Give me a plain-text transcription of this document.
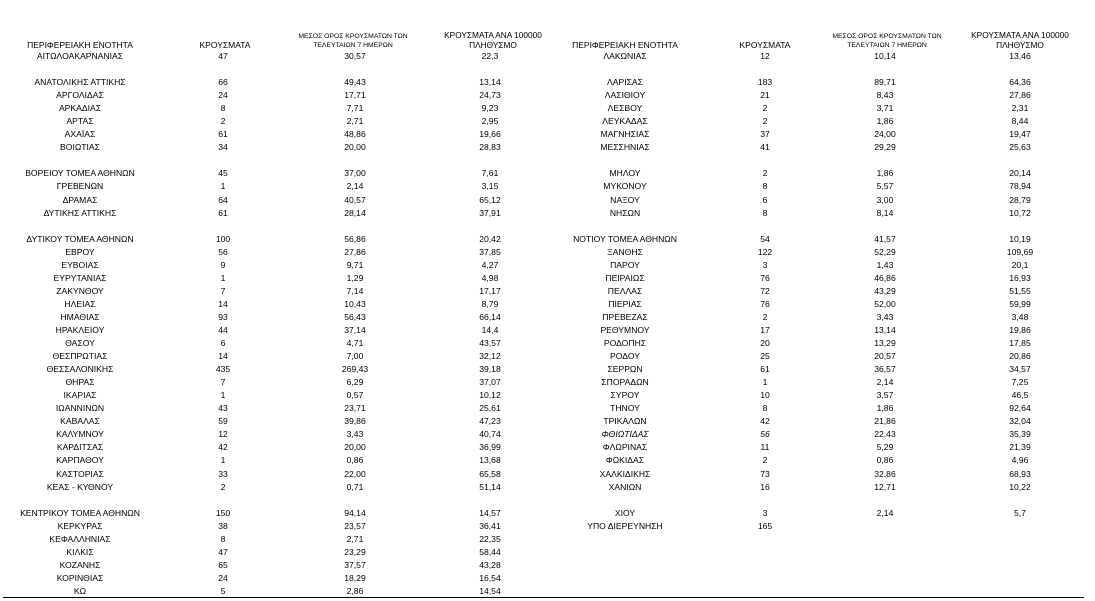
ΠΕΡΙΦΕΡΕΙΑΚΗ ΕΝΟΤΗΤΑ	ΚΡΟΥΣΜΑΤΑ
ΜΕΣΟΣ ΟΡΟΣ ΚΡΟΥΣΜΑΤΩΝ ΤΩΝ
ΤΕΛΕΥΤΑΙΩΝ 7 ΗΜΕΡΩΝ
ΚΡΟΥΣΜΑΤΑ ΑΝΑ 100000
ΠΛΗΘΥΣΜΟ
ΑΙΤΩΛΟΑΚΑΡΝΑΝΙΑΣ	47	30,57	22,3
ΑΝΑΤΟΛΙΚΗΣ ΑΤΤΙΚΗΣ	66	49,43	13,14
ΑΡΓΟΛΙΔΑΣ	24	17,71	24,73
ΑΡΚΑΔΙΑΣ	8	7,71	9,23
ΑΡΤΑΣ	2	2,71	2,95
ΑΧΑΪΑΣ	61	48,86	19,66
ΒΟΙΩΤΙΑΣ	34	20,00	28,83
ΒΟΡΕΙΟΥ ΤΟΜΕΑ ΑΘΗΝΩΝ	45	37,00	7,61
ΓΡΕΒΕΝΩΝ	1	2,14	3,15
ΔΡΑΜΑΣ	64	40,57	65,12
ΔΥΤΙΚΗΣ ΑΤΤΙΚΗΣ	61	28,14	37,91
ΔΥΤΙΚΟΥ ΤΟΜΕΑ ΑΘΗΝΩΝ	100	56,86	20,42
ΕΒΡΟΥ	56	27,86	37,85
ΕΥΒΟΙΑΣ	9	9,71	4,27
ΕΥΡΥΤΑΝΙΑΣ	1	1,29	4,98
ΖΑΚΥΝΘΟΥ	7	7,14	17,17
ΗΛΕΙΑΣ	14	10,43	8,79
ΗΜΑΘΙΑΣ	93	56,43	66,14
ΗΡΑΚΛΕΙΟΥ	44	37,14	14,4
ΘΑΣΟΥ	6	4,71	43,57
ΘΕΣΠΡΩΤΙΑΣ	14	7,00	32,12
ΘΕΣΣΑΛΟΝΙΚΗΣ	435	269,43	39,18
ΘΗΡΑΣ	7	6,29	37,07
ΙΚΑΡΙΑΣ	1	0,57	10,12
ΙΩΑΝΝΙΝΩΝ	43	23,71	25,61
ΚΑΒΑΛΑΣ	59	39,86	47,23
ΚΑΛΥΜΝΟΥ	12	3,43	40,74
ΚΑΡΔΙΤΣΑΣ	42	20,00	36,99
ΚΑΡΠΑΘΟΥ	1	0,86	13,68
ΚΑΣΤΟΡΙΑΣ	33	22,00	65,58
ΚΕΑΣ - ΚΥΘΝΟΥ	2	0,71	51,14
ΚΕΝΤΡΙΚΟΥ ΤΟΜΕΑ ΑΘΗΝΩΝ	150	94,14	14,57
ΚΕΡΚΥΡΑΣ	38	23,57	36,41
ΚΕΦΑΛΛΗΝΙΑΣ	8	2,71	22,35
ΚΙΛΚΙΣ	47	23,29	58,44
ΚΟΖΑΝΗΣ	65	37,57	43,28
ΚΟΡΙΝΘΙΑΣ	24	18,29	16,54
ΚΩ	5	2,86	14,54
ΠΕΡΙΦΕΡΕΙΑΚΗ ΕΝΟΤΗΤΑ	ΚΡΟΥΣΜΑΤΑ
ΜΕΣΟΣ ΟΡΟΣ ΚΡΟΥΣΜΑΤΩΝ ΤΩΝ
ΤΕΛΕΥΤΑΙΩΝ 7 ΗΜΕΡΩΝ
ΚΡΟΥΣΜΑΤΑ ΑΝΑ 100000
ΠΛΗΘΥΣΜΟ
ΛΑΚΩΝΙΑΣ	12	10,14	13,46
ΛΑΡΙΣΑΣ	183	89,71	64,36
ΛΑΣΙΘΙΟΥ	21	8,43	27,86
ΛΕΣΒΟΥ	2	3,71	2,31
ΛΕΥΚΑΔΑΣ	2	1,86	8,44
ΜΑΓΝΗΣΙΑΣ	37	24,00	19,47
ΜΕΣΣΗΝΙΑΣ	41	29,29	25,63
ΜΗΛΟΥ	2	1,86	20,14
ΜΥΚΟΝΟΥ	8	5,57	78,94
ΝΑΞΟΥ	6	3,00	28,79
ΝΗΣΩΝ	8	8,14	10,72
ΝΟΤΙΟΥ ΤΟΜΕΑ ΑΘΗΝΩΝ	54	41,57	10,19
ΞΑΝΘΗΣ	122	52,29	109,69
ΠΑΡΟΥ	3	1,43	20,1
ΠΕΙΡΑΙΩΣ	76	46,86	16,93
ΠΕΛΛΑΣ	72	43,29	51,55
ΠΙΕΡΙΑΣ	76	52,00	59,99
ΠΡΕΒΕΖΑΣ	2	3,43	3,48
ΡΕΘΥΜΝΟΥ	17	13,14	19,86
ΡΟΔΟΠΗΣ	20	13,29	17,85
ΡΟΔΟΥ	25	20,57	20,86
ΣΕΡΡΩΝ	61	36,57	34,57
ΣΠΟΡΑΔΩΝ	1	2,14	7,25
ΣΥΡΟΥ	10	3,57	46,5
ΤΗΝΟΥ	8	1,86	92,64
ΤΡΙΚΑΛΩΝ	42	21,86	32,04
ΦΘΙΩΤΙΔΑΣ	56	22,43	35,39
ΦΛΩΡΙΝΑΣ	11	5,29	21,39
ΦΩΚΙΔΑΣ	2	0,86	4,96
ΧΑΛΚΙΔΙΚΗΣ	73	32,86	68,93
ΧΑΝΙΩΝ	16	12,71	10,22
ΧΙΟΥ	3	2,14	5,7
ΥΠΟ ΔΙΕΡΕΥΝΗΣΗ	165
